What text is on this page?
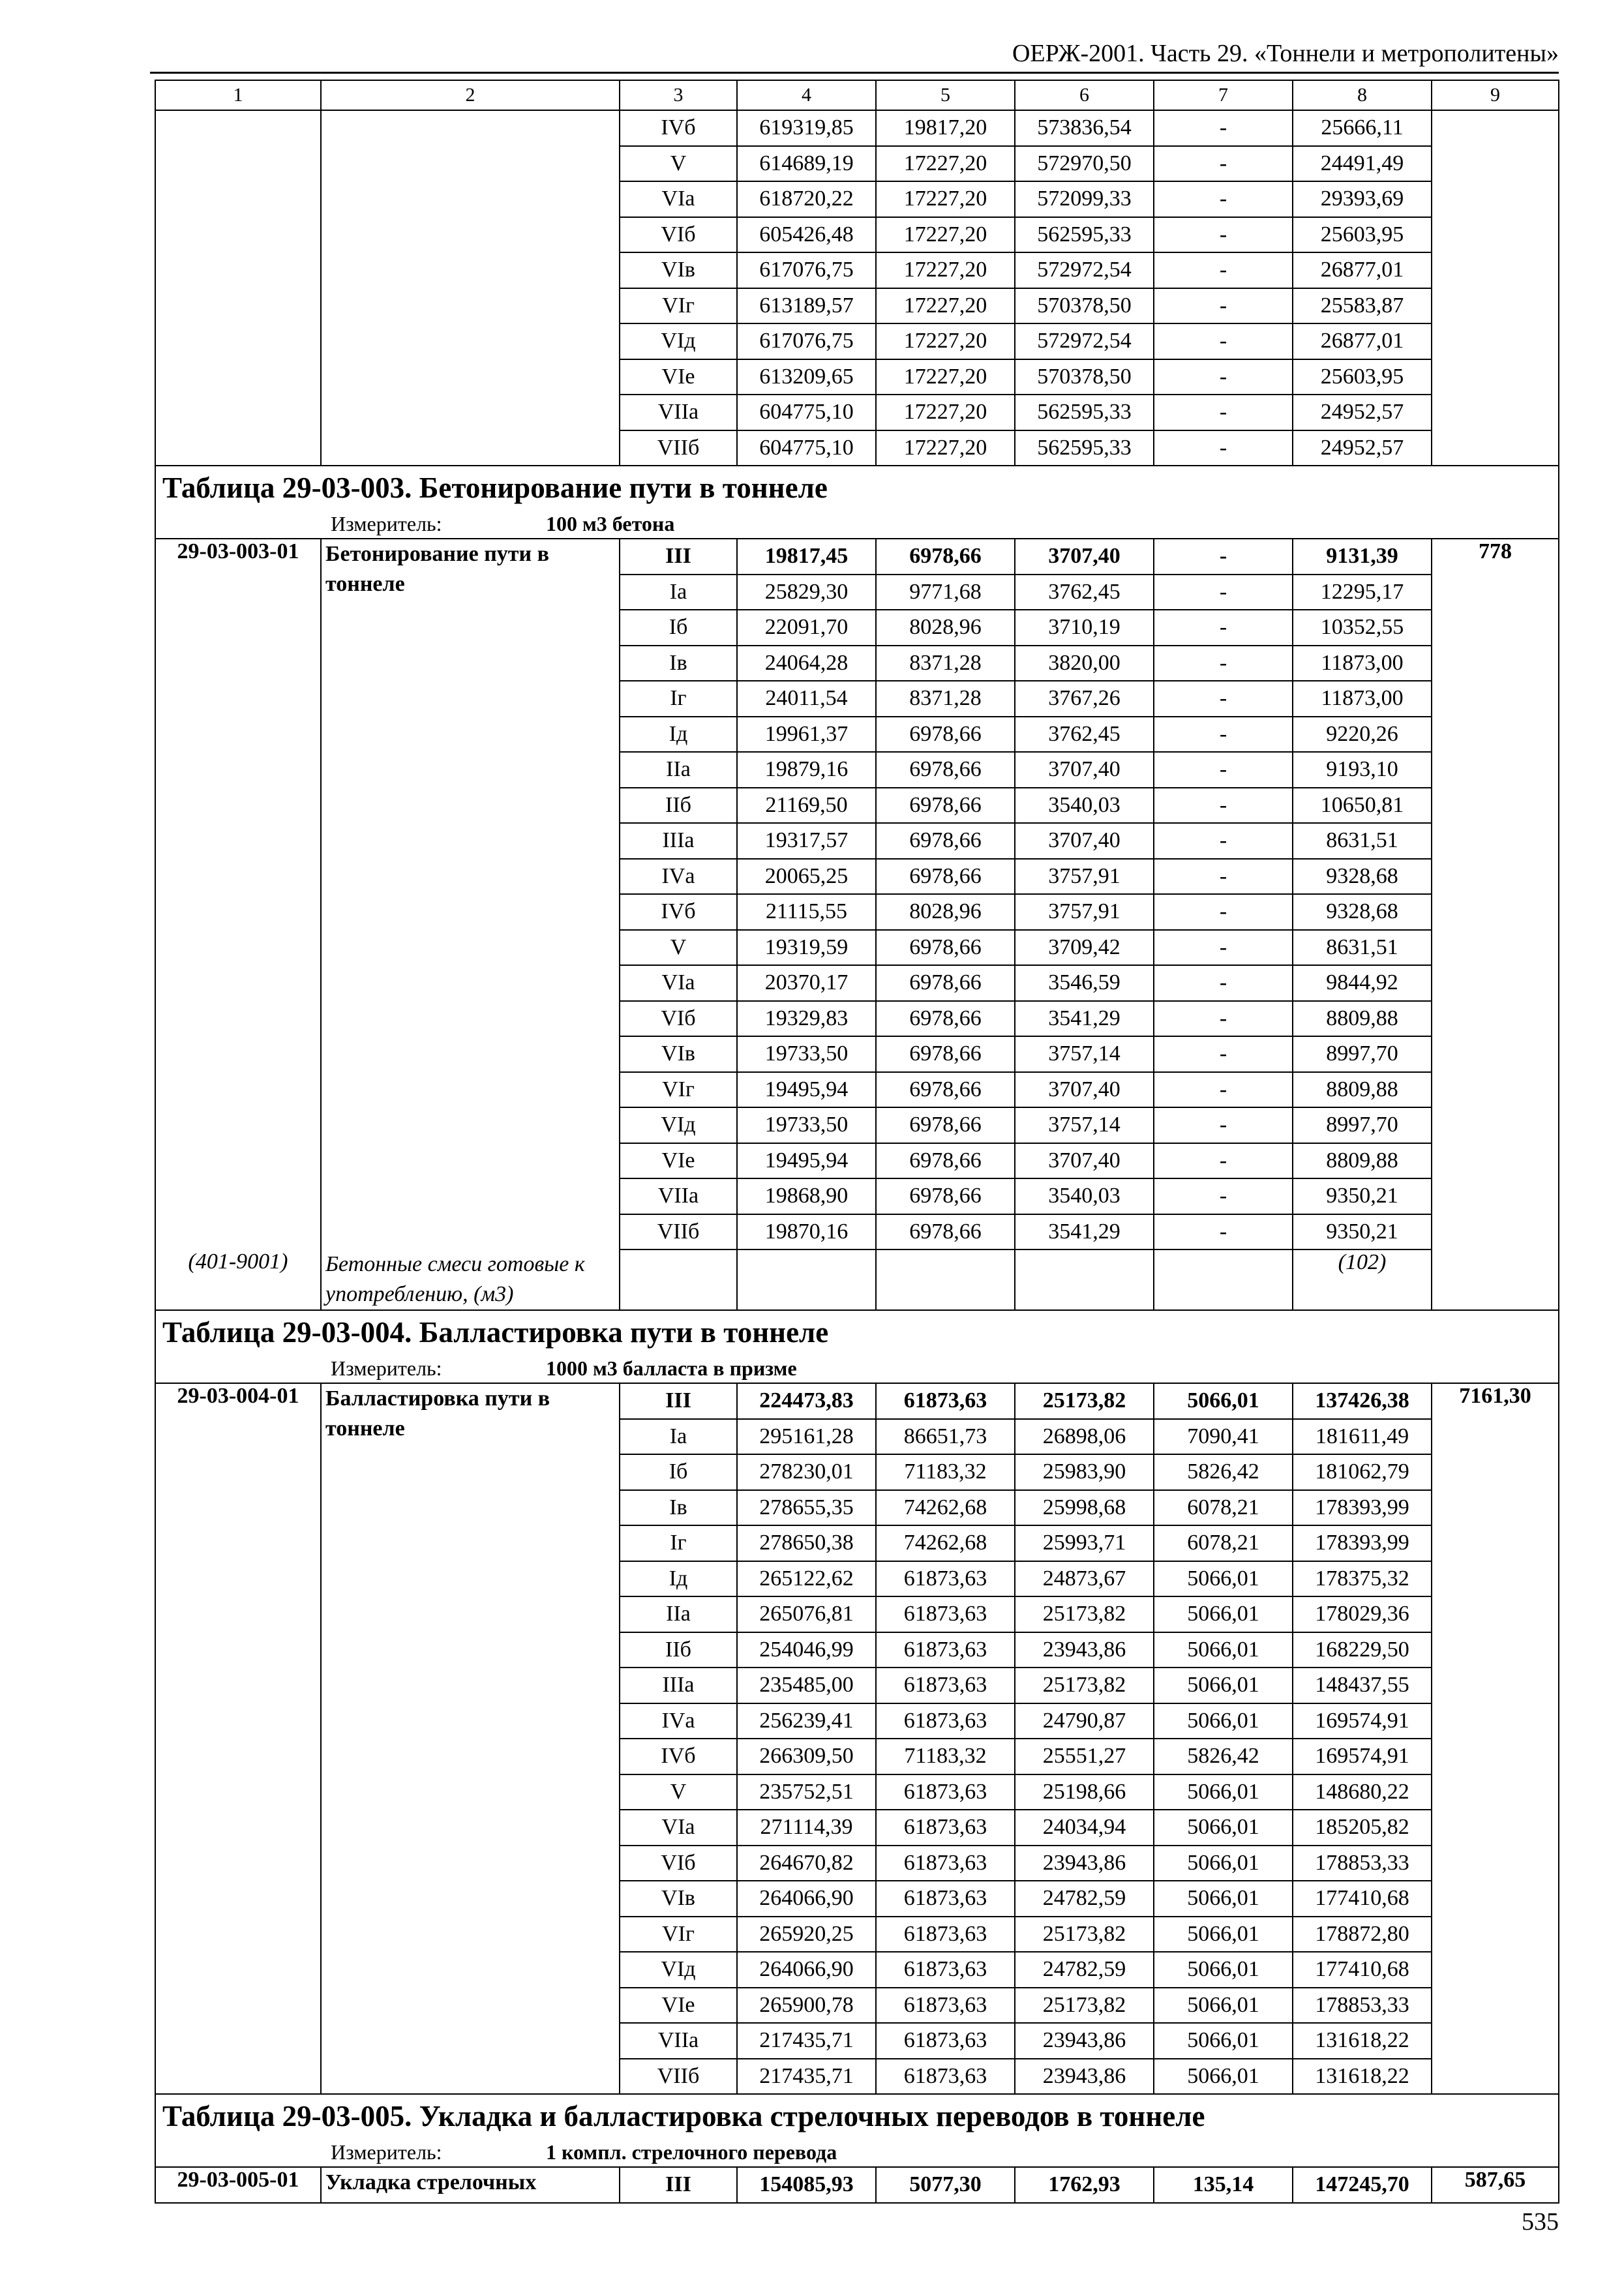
ОЕРЖ-2001. Часть 29. «Тоннели и метрополитены»
1	2	3	4	5	6	7	8	9
		IVб	619319,85	19817,20	573836,54	-	25666,11	
		V	614689,19	17227,20	572970,50	-	24491,49	
		VIа	618720,22	17227,20	572099,33	-	29393,69	
		VIб	605426,48	17227,20	562595,33	-	25603,95	
		VIв	617076,75	17227,20	572972,54	-	26877,01	
		VIг	613189,57	17227,20	570378,50	-	25583,87	
		VIд	617076,75	17227,20	572972,54	-	26877,01	
		VIе	613209,65	17227,20	570378,50	-	25603,95	
		VIIа	604775,10	17227,20	562595,33	-	24952,57	
		VIIб	604775,10	17227,20	562595,33	-	24952,57	
Таблица 29-03-003. Бетонирование пути в тоннеле								
Измеритель: 100 м3 бетона								
29-03-003-01	Бетонирование пути в тоннеле	III	19817,45	6978,66	3707,40	-	9131,39	778
		Iа	25829,30	9771,68	3762,45	-	12295,17	
		Iб	22091,70	8028,96	3710,19	-	10352,55	
		Iв	24064,28	8371,28	3820,00	-	11873,00	
		Iг	24011,54	8371,28	3767,26	-	11873,00	
		Iд	19961,37	6978,66	3762,45	-	9220,26	
		IIа	19879,16	6978,66	3707,40	-	9193,10	
		IIб	21169,50	6978,66	3540,03	-	10650,81	
		IIIа	19317,57	6978,66	3707,40	-	8631,51	
		IVа	20065,25	6978,66	3757,91	-	9328,68	
		IVб	21115,55	8028,96	3757,91	-	9328,68	
		V	19319,59	6978,66	3709,42	-	8631,51	
		VIа	20370,17	6978,66	3546,59	-	9844,92	
		VIб	19329,83	6978,66	3541,29	-	8809,88	
		VIв	19733,50	6978,66	3757,14	-	8997,70	
		VIг	19495,94	6978,66	3707,40	-	8809,88	
		VIд	19733,50	6978,66	3757,14	-	8997,70	
		VIе	19495,94	6978,66	3707,40	-	8809,88	
		VIIа	19868,90	6978,66	3540,03	-	9350,21	
		VIIб	19870,16	6978,66	3541,29	-	9350,21	
(401-9001)	Бетонные смеси готовые к употреблению, (м3)						(102)	
Таблица 29-03-004. Балластировка пути в тоннеле								
Измеритель: 1000 м3 балласта в призме								
29-03-004-01	Балластировка пути в тоннеле	III	224473,83	61873,63	25173,82	5066,01	137426,38	7161,30
		Iа	295161,28	86651,73	26898,06	7090,41	181611,49	
		Iб	278230,01	71183,32	25983,90	5826,42	181062,79	
		Iв	278655,35	74262,68	25998,68	6078,21	178393,99	
		Iг	278650,38	74262,68	25993,71	6078,21	178393,99	
		Iд	265122,62	61873,63	24873,67	5066,01	178375,32	
		IIа	265076,81	61873,63	25173,82	5066,01	178029,36	
		IIб	254046,99	61873,63	23943,86	5066,01	168229,50	
		IIIа	235485,00	61873,63	25173,82	5066,01	148437,55	
		IVа	256239,41	61873,63	24790,87	5066,01	169574,91	
		IVб	266309,50	71183,32	25551,27	5826,42	169574,91	
		V	235752,51	61873,63	25198,66	5066,01	148680,22	
		VIа	271114,39	61873,63	24034,94	5066,01	185205,82	
		VIб	264670,82	61873,63	23943,86	5066,01	178853,33	
		VIв	264066,90	61873,63	24782,59	5066,01	177410,68	
		VIг	265920,25	61873,63	25173,82	5066,01	178872,80	
		VIд	264066,90	61873,63	24782,59	5066,01	177410,68	
		VIе	265900,78	61873,63	25173,82	5066,01	178853,33	
		VIIа	217435,71	61873,63	23943,86	5066,01	131618,22	
		VIIб	217435,71	61873,63	23943,86	5066,01	131618,22	
Таблица 29-03-005. Укладка и балластировка стрелочных переводов в тоннеле								
Измеритель: 1 компл. стрелочного перевода								
29-03-005-01	Укладка стрелочных	III	154085,93	5077,30	1762,93	135,14	147245,70	587,65
535
